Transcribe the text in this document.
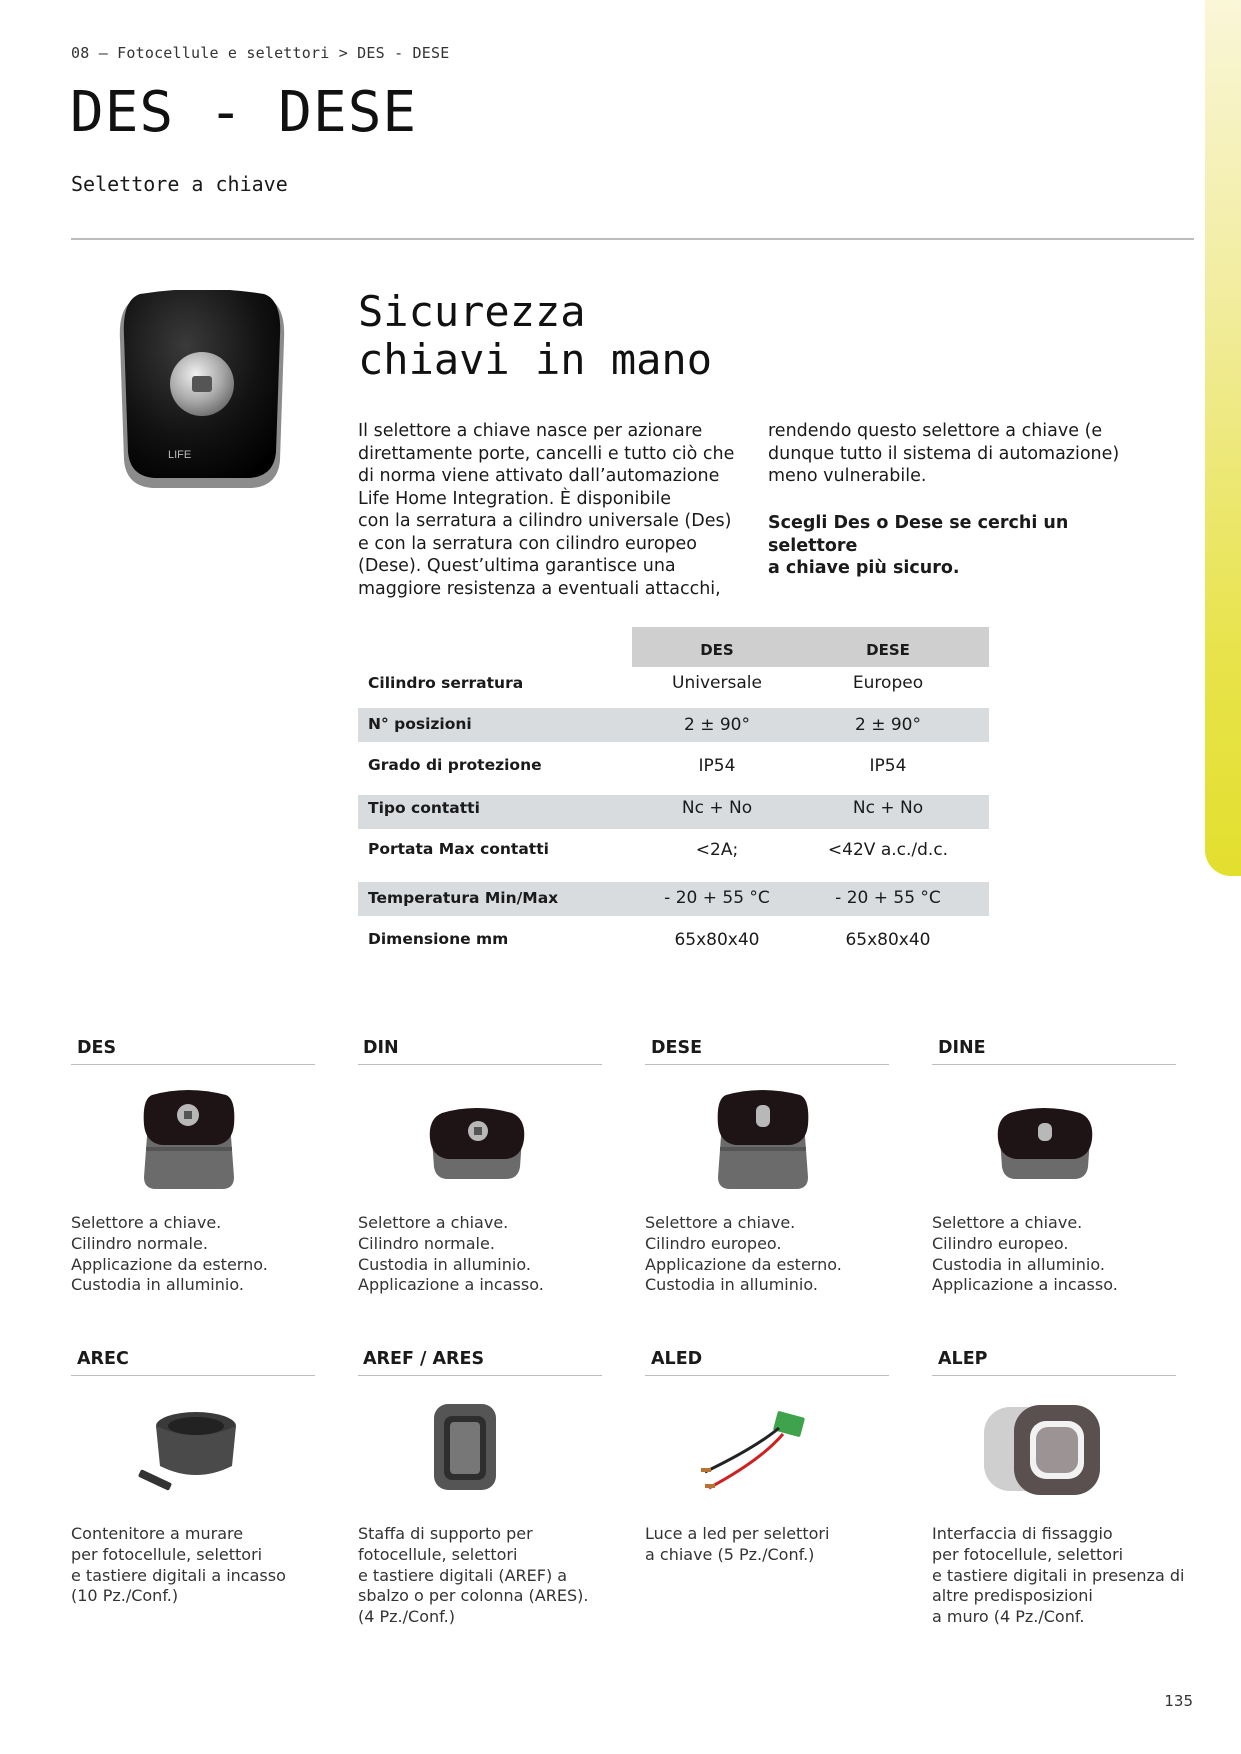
08 — Fotocellule e selettori > DES - DESE
DES - DESE
Selettore a chiave
LIFE
Sicurezza
chiavi in mano
Il selettore a chiave nasce per azionare
direttamente porte, cancelli e tutto ciò che
di norma viene attivato dall’automazione
Life Home Integration. È disponibile
con la serratura a cilindro universale (Des)
e con la serratura con cilindro europeo
(Dese). Quest’ultima garantisce una
maggiore resistenza a eventuali attacchi,
rendendo questo selettore a chiave (e
dunque tutto il sistema di automazione)
meno vulnerabile.
Scegli Des o Dese se cerchi un selettore
a chiave più sicuro.
DES	DESE
Cilindro serratura	Universale	Europeo
N° posizioni	2 ± 90°	2 ± 90°
Grado di protezione	IP54	IP54
Tipo contatti	Nc + No	Nc + No
Portata Max contatti	<2A;	<42V a.c./d.c.
Temperatura Min/Max	- 20 + 55 °C	- 20 + 55 °C
Dimensione mm	65x80x40	65x80x40
DES
Selettore a chiave.
Cilindro normale.
Applicazione da esterno.
Custodia in alluminio.
DIN
Selettore a chiave.
Cilindro normale.
Custodia in alluminio.
Applicazione a incasso.
DESE
Selettore a chiave.
Cilindro europeo.
Applicazione da esterno.
Custodia in alluminio.
DINE
Selettore a chiave.
Cilindro europeo.
Custodia in alluminio.
Applicazione a incasso.
AREC
Contenitore a murare
per fotocellule, selettori
e tastiere digitali a incasso
(10 Pz./Conf.)
AREF / ARES
Staffa di supporto per
fotocellule, selettori
e tastiere digitali (AREF) a
sbalzo o per colonna (ARES).
(4 Pz./Conf.)
ALED
Luce a led per selettori
a chiave (5 Pz./Conf.)
ALEP
Interfaccia di fissaggio
per fotocellule, selettori
e tastiere digitali in presenza di
altre predisposizioni
a muro (4 Pz./Conf.
135
